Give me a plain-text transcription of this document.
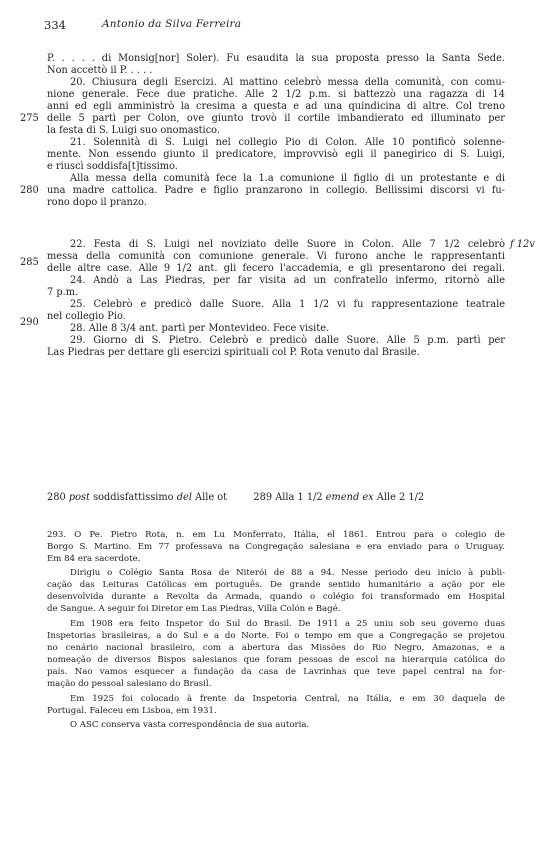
334	Antonio da Silva Ferreira
275
280
285
290
f 12v
P. . . . . di Monsig[nor] Soler). Fu esaudita la sua proposta presso la Santa Sede.
Non accettò il P. . . . .
20. Chiusura degli Esercizi. Al mattino celebrò messa della comunità, con comu-
nione generale. Fece due pratiche. Alle 2 1/2 p.m. si battezzò una ragazza di 14
anni ed egli amministrò la cresima a questa e ad una quindicina di altre. Col treno
delle 5 partì per Colon, ove giunto trovò il cortile imbandierato ed illuminato per
la festa di S. Luigi suo onomastico.
21. Solennità di S. Luigi nel collegio Pio di Colon. Alle 10 pontificò solenne-
mente. Non essendo giunto il predicatore, improvvisò egli il panegirico di S. Luigi,
e riuscì soddisfa[t]tissimo.
Alla messa della comunità fece la 1.a comunione il figlio di un protestante e di
una madre cattolica. Padre e figlio pranzarono in collegio. Bellissimi discorsi vi fu-
rono dopo il pranzo.
22. Festa di S. Luigi nel noviziato delle Suore in Colon. Alle 7 1/2 celebrò
messa della comunità con comunione generale. Vi furono anche le rappresentanti
delle altre case. Alle 9 1/2 ant. gli fecero l'accademia, e gli presentarono dei regali.
24. Andò a Las Piedras, per far visita ad un confratello infermo, ritornò alle
7 p.m.
25. Celebrò e predicò dalle Suore. Alla 1 1/2 vi fu rappresentazione teatrale
nel collegio Pio.
28. Alle 8 3/4 ant. partì per Montevideo. Fece visite.
29. Giorno di S. Pietro. Celebrò e predicò dalle Suore. Alle 5 p.m. partì per
Las Piedras per dettare gli esercizi spirituali col P. Rota venuto dal Brasile.
280 post soddisfattissimo del Alle ot	289 Alla 1 1/2 emend ex Alle 2 1/2
293. O Pe. Pietro Rota, n. em Lu Monferrato, Itália, el 1861. Entrou para o colegio de
Borgo S. Martino. Em 77 professava na Congregação salesiana e era enviado para o Uruguay.
Em 84 era sacerdote.
Dirigiu o Colégio Santa Rosa de Niterói de 88 a 94. Nesse periodo deu início à publi-
cação das Leituras Católicas em português. De grande sentido humanitário a ação por ele
desenvolvida durante a Revolta da Armada, quando o colégio foi transformado em Hospital
de Sangue. A seguir foi Diretor em Las Piedras, Villa Colón e Bagé.
Em 1908 era feito Inspetor do Sul do Brasil. De 1911 a 25 uniu sob seu governo duas
Inspetorias brasileiras, a do Sul e a do Norte. Foi o tempo em que a Congregação se projetou
no cenário nacional brasileiro, com a abertura das Missões do Rio Negro, Amazonas, e a
nomeação de diversos Bispos salesianos que foram pessoas de escol na hierarquia católica do
país. Nao vamos esquecer a fundação da casa de Lavrinhas que teve papel central na for-
mação do pessoal salesiano do Brasil.
Em 1925 foi colocado à frente da Inspetoria Central, na Itália, e em 30 daquela de
Portugal. Faleceu em Lisboa, em 1931.
O ASC conserva vasta correspondência de sua autoria.
